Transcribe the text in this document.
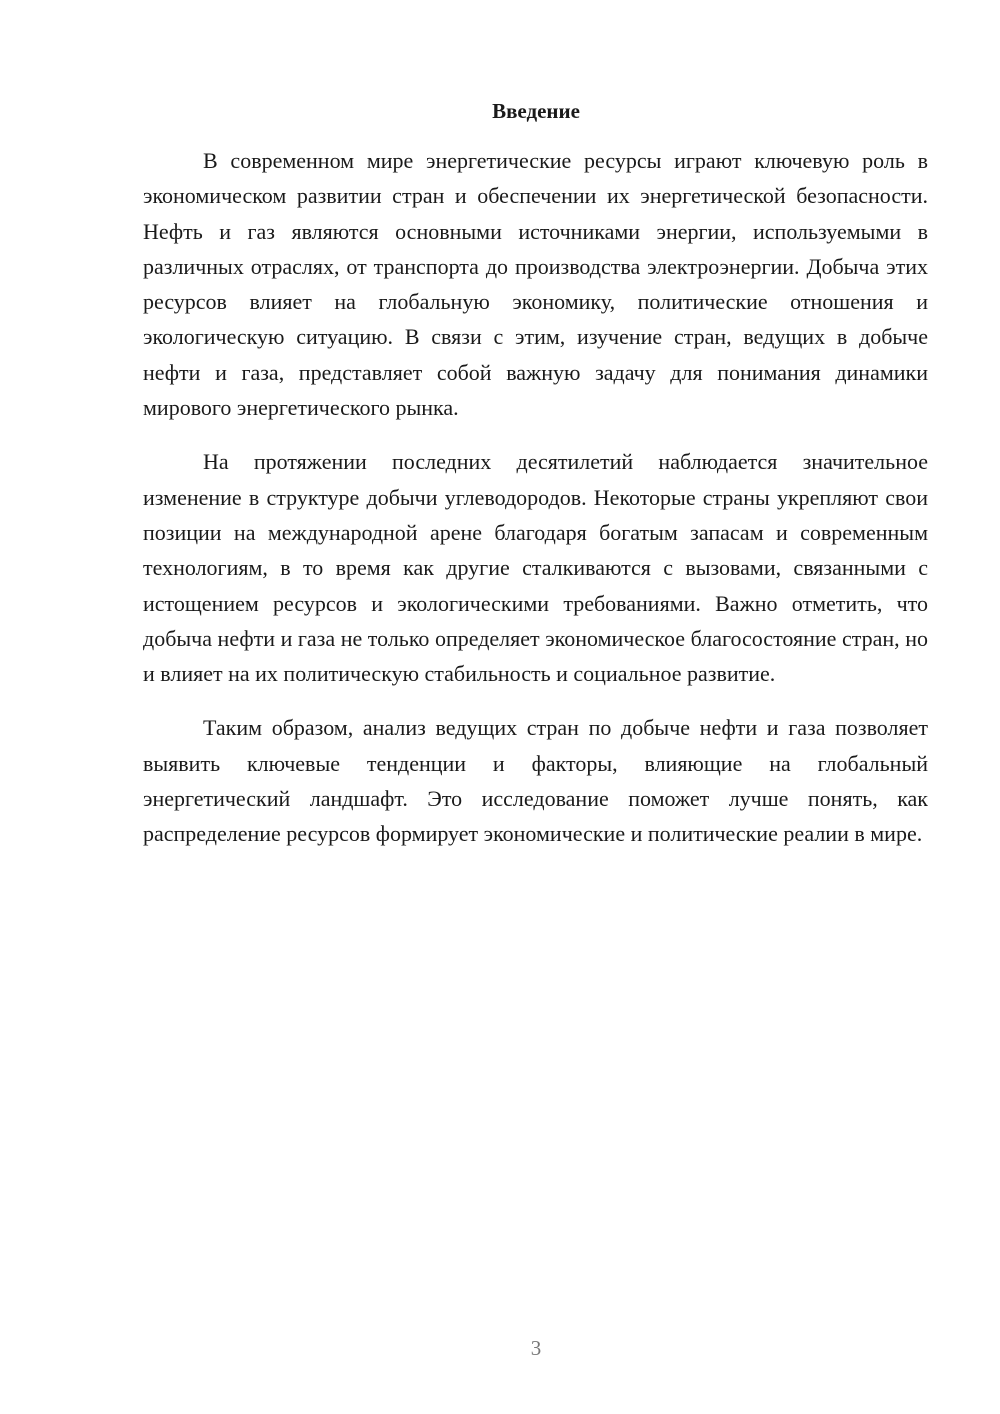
Введение

В современном мире энергетические ресурсы играют ключевую роль в экономическом развитии стран и обеспечении их энергетической безопасности. Нефть и газ являются основными источниками энергии, используемыми в различных отраслях, от транспорта до производства электроэнергии. Добыча этих ресурсов влияет на глобальную экономику, политические отношения и экологическую ситуацию. В связи с этим, изучение стран, ведущих в добыче нефти и газа, представляет собой важную задачу для понимания динамики мирового энергетического рынка.

На протяжении последних десятилетий наблюдается значительное изменение в структуре добычи углеводородов. Некоторые страны укрепляют свои позиции на международной арене благодаря богатым запасам и современным технологиям, в то время как другие сталкиваются с вызовами, связанными с истощением ресурсов и экологическими требованиями. Важно отметить, что добыча нефти и газа не только определяет экономическое благосостояние стран, но и влияет на их политическую стабильность и социальное развитие.

Таким образом, анализ ведущих стран по добыче нефти и газа позволяет выявить ключевые тенденции и факторы, влияющие на глобальный энергетический ландшафт. Это исследование поможет лучше понять, как распределение ресурсов формирует экономические и политические реалии в мире.

3
